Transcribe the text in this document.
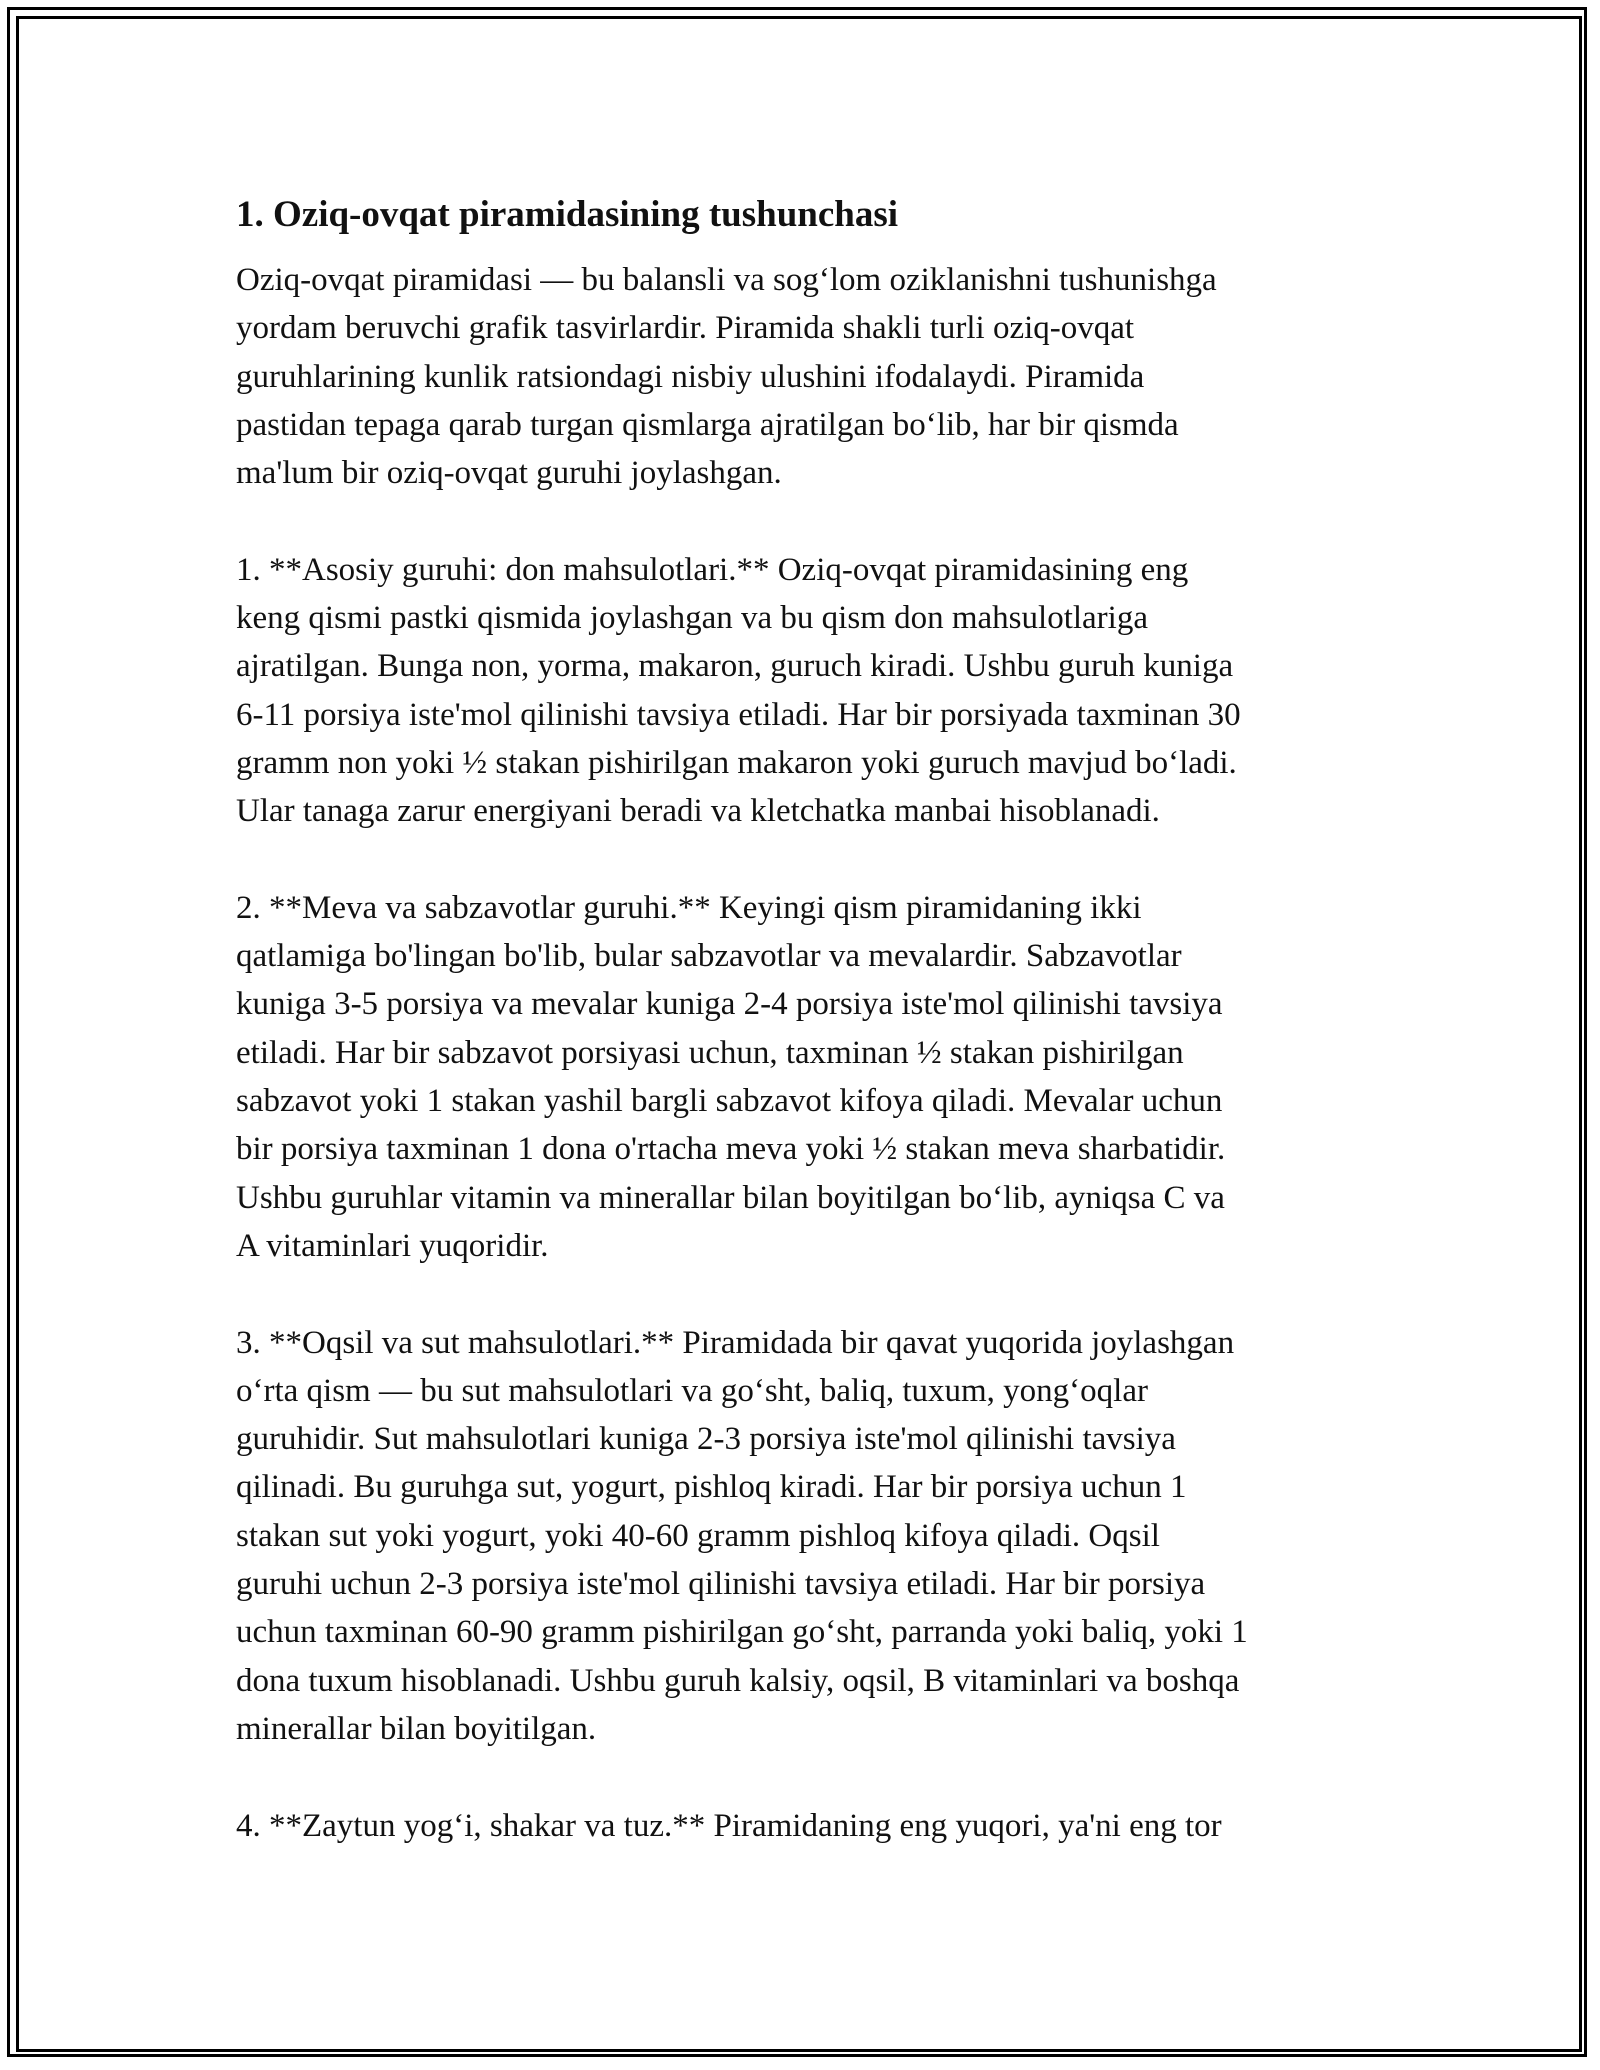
1. Oziq-ovqat piramidasining tushunchasi

Oziq-ovqat piramidasi — bu balansli va sog‘lom oziklanishni tushunishga
yordam beruvchi grafik tasvirlardir. Piramida shakli turli oziq-ovqat
guruhlarining kunlik ratsiondagi nisbiy ulushini ifodalaydi. Piramida
pastidan tepaga qarab turgan qismlarga ajratilgan bo‘lib, har bir qismda
ma'lum bir oziq-ovqat guruhi joylashgan.

1. **Asosiy guruhi: don mahsulotlari.** Oziq-ovqat piramidasining eng
keng qismi pastki qismida joylashgan va bu qism don mahsulotlariga
ajratilgan. Bunga non, yorma, makaron, guruch kiradi. Ushbu guruh kuniga
6-11 porsiya iste'mol qilinishi tavsiya etiladi. Har bir porsiyada taxminan 30
gramm non yoki ½ stakan pishirilgan makaron yoki guruch mavjud bo‘ladi.
Ular tanaga zarur energiyani beradi va kletchatka manbai hisoblanadi.

2. **Meva va sabzavotlar guruhi.** Keyingi qism piramidaning ikki
qatlamiga bo'lingan bo'lib, bular sabzavotlar va mevalardir. Sabzavotlar
kuniga 3-5 porsiya va mevalar kuniga 2-4 porsiya iste'mol qilinishi tavsiya
etiladi. Har bir sabzavot porsiyasi uchun, taxminan ½ stakan pishirilgan
sabzavot yoki 1 stakan yashil bargli sabzavot kifoya qiladi. Mevalar uchun
bir porsiya taxminan 1 dona o'rtacha meva yoki ½ stakan meva sharbatidir.
Ushbu guruhlar vitamin va minerallar bilan boyitilgan bo‘lib, ayniqsa C va
A vitaminlari yuqoridir.

3. **Oqsil va sut mahsulotlari.** Piramidada bir qavat yuqorida joylashgan
o‘rta qism — bu sut mahsulotlari va go‘sht, baliq, tuxum, yong‘oqlar
guruhidir. Sut mahsulotlari kuniga 2-3 porsiya iste'mol qilinishi tavsiya
qilinadi. Bu guruhga sut, yogurt, pishloq kiradi. Har bir porsiya uchun 1
stakan sut yoki yogurt, yoki 40-60 gramm pishloq kifoya qiladi. Oqsil
guruhi uchun 2-3 porsiya iste'mol qilinishi tavsiya etiladi. Har bir porsiya
uchun taxminan 60-90 gramm pishirilgan go‘sht, parranda yoki baliq, yoki 1
dona tuxum hisoblanadi. Ushbu guruh kalsiy, oqsil, B vitaminlari va boshqa
minerallar bilan boyitilgan.

4. **Zaytun yog‘i, shakar va tuz.** Piramidaning eng yuqori, ya'ni eng tor
